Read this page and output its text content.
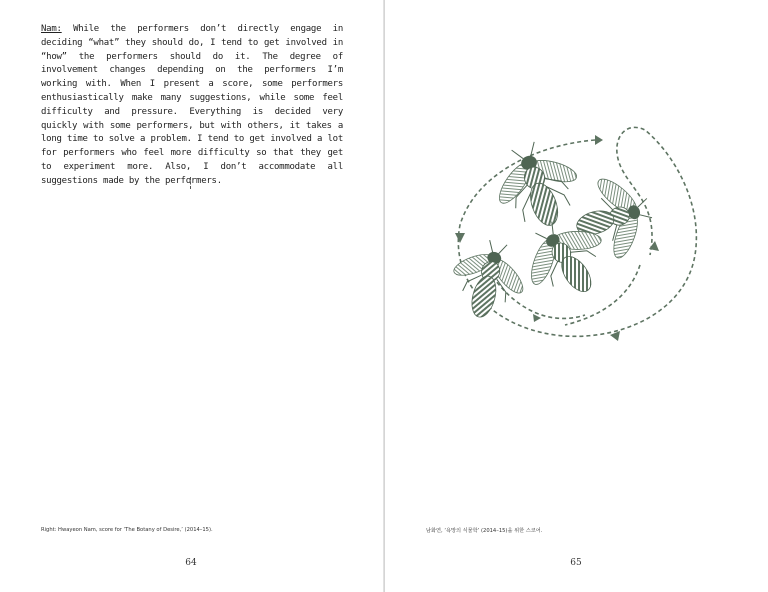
Nam: While the performers don’t directly engage in deciding “what” they should do, I tend to get involved in “how” the performers should do it. The degree of involvement changes depending on the performers I’m working with. When I present a score, some performers enthusiastically make many suggestions, while some feel difficulty and pressure. Everything is decided very quickly with some performers, but with others, it takes a long time to solve a problem. I tend to get involved a lot for performers who feel more difficulty so that they get to experiment more. Also, I don’t accommodate all suggestions made by the performers.

Right: Hwayeon Nam, score for ‘The Botany of Desire,’ (2014–15).

64

남화연, ‘욕망의 식물학’ (2014–15)을 위한 스코어.

65
